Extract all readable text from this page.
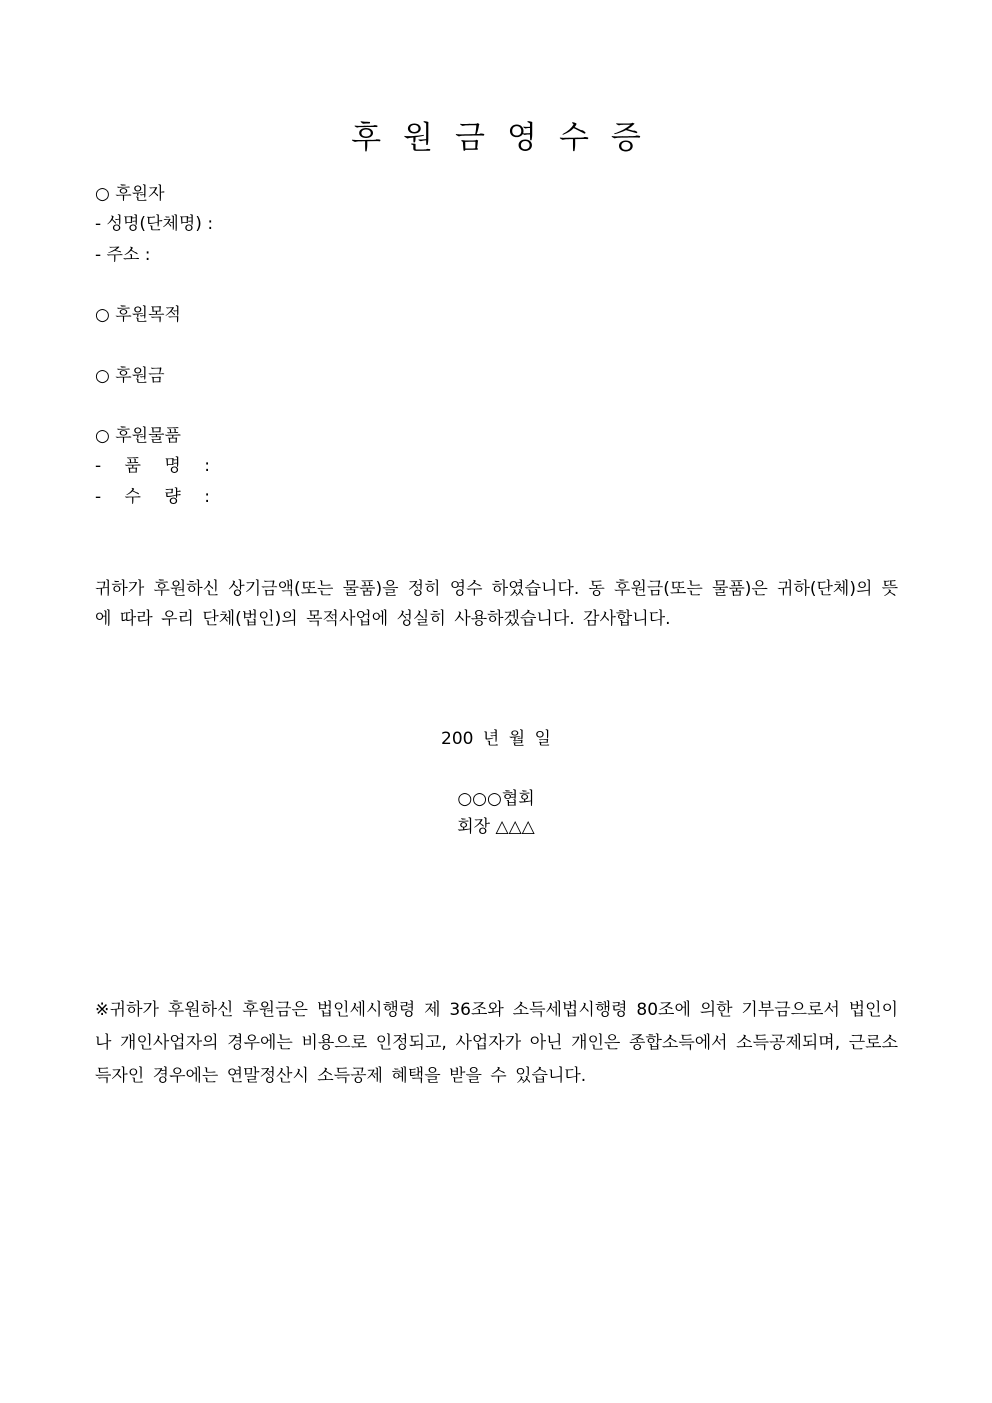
후원금영수증
○ 후원자
- 성명(단체명) :
- 주소 :
○ 후원목적
○ 후원금
○ 후원물품
- 품 명 :
- 수 량 :
귀하가 후원하신 상기금액(또는 물품)을 정히 영수 하였습니다. 동 후원금(또는 물품)은 귀하(단체)의 뜻에 따라 우리 단체(법인)의 목적사업에 성실히 사용하겠습니다. 감사합니다.
200 년 월 일
○○○협회
회장 △△△
※귀하가 후원하신 후원금은 법인세시행령 제 36조와 소득세법시행령 80조에 의한 기부금으로서 법인이나 개인사업자의 경우에는 비용으로 인정되고, 사업자가 아닌 개인은 종합소득에서 소득공제되며, 근로소득자인 경우에는 연말정산시 소득공제 혜택을 받을 수 있습니다.
